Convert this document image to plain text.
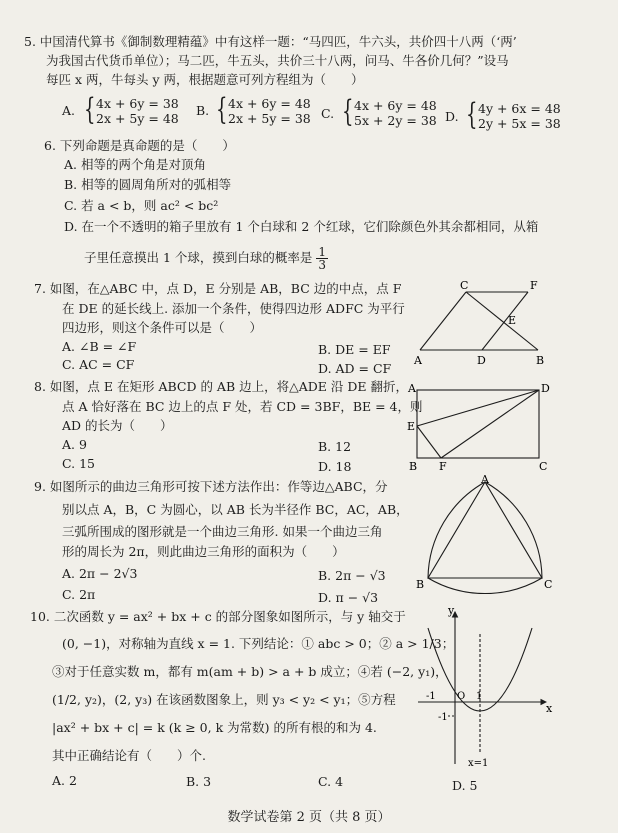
5. 中国清代算书《御制数理精蕴》中有这样一题：“马四匹，牛六头，共价四十八两（‘两’
为我国古代货币单位）；马二匹，牛五头，共价三十八两，问马、牛各价几何？”设马
每匹 x 两，牛每头 y 两，根据题意可列方程组为（　　）
A. { 4x + 6y = 38
2x + 5y = 48
B. { 4x + 6y = 48
2x + 5y = 38 C. { 4x + 6y = 48
5x + 2y = 38 D. { 4y + 6x = 48
2y + 5x = 38
6. 下列命题是真命题的是（　　）
A. 相等的两个角是对顶角
B. 相等的圆周角所对的弧相等
C. 若 a < b，则 ac² < bc²
D. 在一个不透明的箱子里放有 1 个白球和 2 个红球，它们除颜色外其余都相同，从箱
子里任意摸出 1 个球，摸到白球的概率是 $\frac{1}{3}$
7. 如图，在△ABC 中，点 D，E 分别是 AB，BC 边的中点，点 F
在 DE 的延长线上. 添加一个条件，使得四边形 ADFC 为平行
四边形，则这个条件可以是（　　）
A. ∠B = ∠F	B. DE = EF
C. AC = CF	D. AD = CF
C	F
E
A	D	B
8. 如图，点 E 在矩形 ABCD 的 AB 边上，将△ADE 沿 DE 翻折，
点 A 恰好落在 BC 边上的点 F 处，若 CD = 3BF，BE = 4，则
AD 的长为（　　）
A. 9	B. 12
C. 15	D. 18
A	D
E
B F	C
9. 如图所示的曲边三角形可按下述方法作出：作等边△ABC，分
别以点 A，B，C 为圆心，以 AB 长为半径作 BC，AC，AB，
三弧所围成的图形就是一个曲边三角形. 如果一个曲边三角
形的周长为 2π，则此曲边三角形的面积为（　　）
A. 2π − 2√3	B. 2π − √3
C. 2π	D. π − √3
A
B	C
10. 二次函数 y = ax² + bx + c 的部分图象如图所示，与 y 轴交于
(0, −1)，对称轴为直线 x = 1. 下列结论：① abc > 0；② a > 1/3；
③对于任意实数 m，都有 m(am + b) > a + b 成立；④若 (−2, y₁)，
(1/2, y₂)，(2, y₃) 在该函数图象上，则 y₃ < y₂ < y₁；⑤方程
|ax² + bx + c| = k (k ≥ 0, k 为常数) 的所有根的和为 4.
其中正确结论有（　　）个.
A. 2	B. 3	C. 4	D. 5
y
x
O
-1
-1
1
x=1
数学试卷第 2 页（共 8 页）
